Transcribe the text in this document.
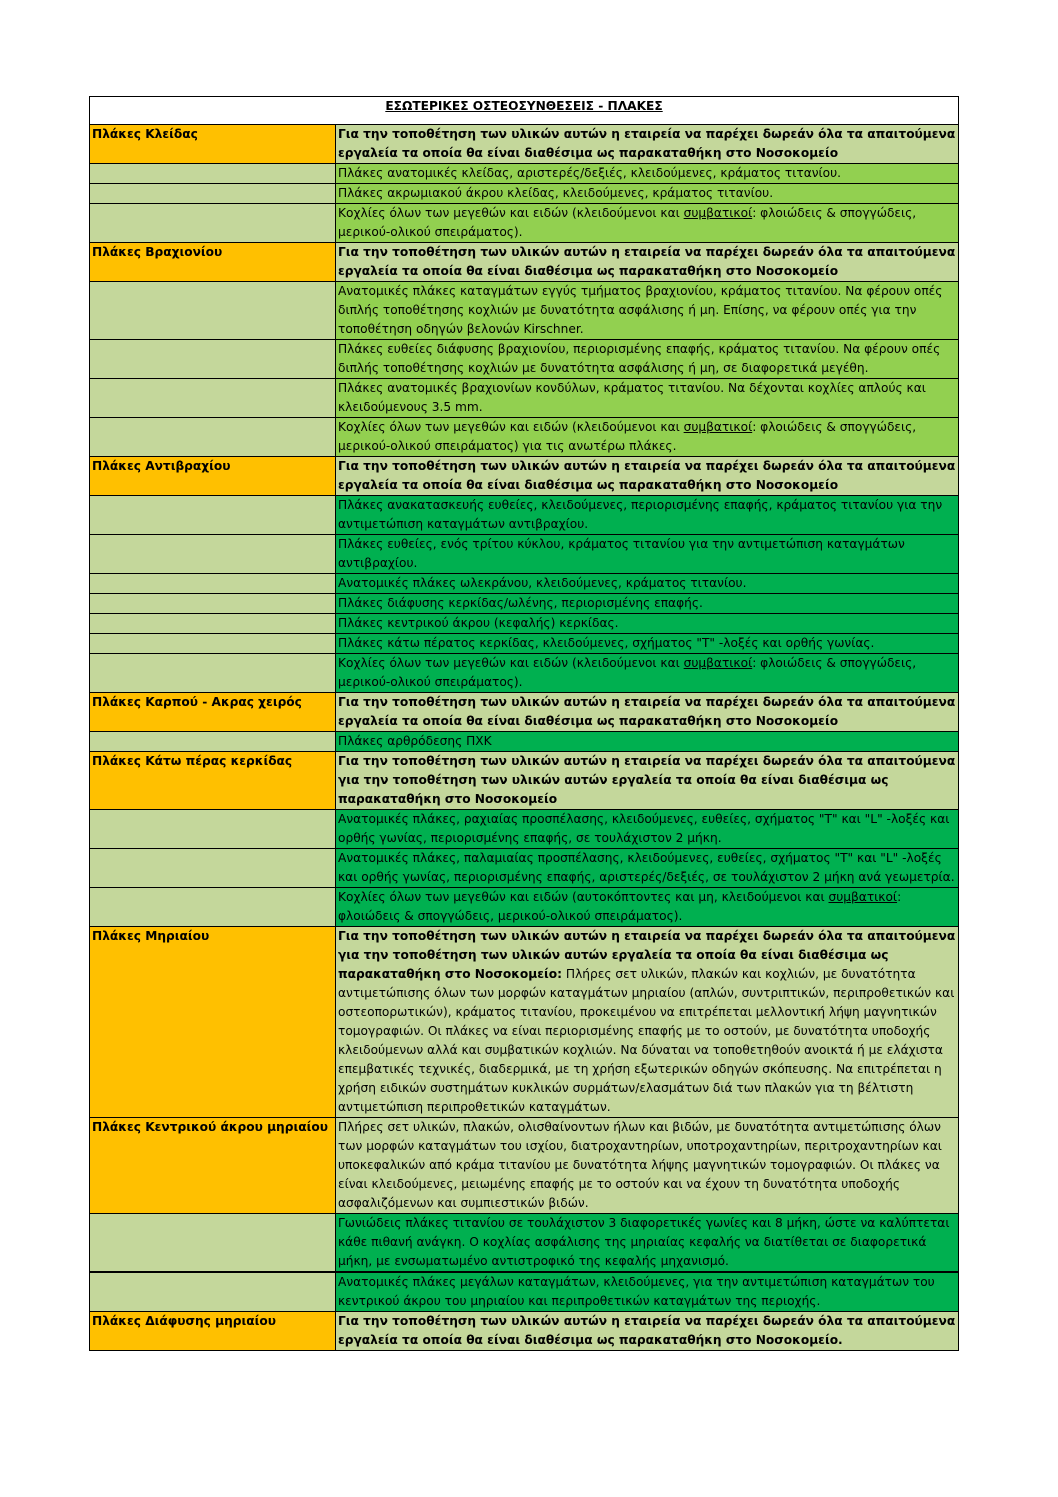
ΕΣΩΤΕΡΙΚΕΣ ΟΣΤΕΟΣΥΝΘΕΣΕΙΣ - ΠΛΑΚΕΣ	
Πλάκες Κλείδας	Για την τοποθέτηση των υλικών αυτών η εταιρεία να παρέχει δωρεάν όλα τα απαιτούμενα εργαλεία τα οποία θα είναι διαθέσιμα ως παρακαταθήκη στο Νοσοκομείο
	Πλάκες ανατομικές κλείδας, αριστερές/δεξιές, κλειδούμενες, κράματος τιτανίου.
	Πλάκες ακρωμιακού άκρου κλείδας, κλειδούμενες, κράματος τιτανίου.
	Κοχλίες όλων των μεγεθών και ειδών (κλειδούμενοι και συμβατικοί: φλοιώδεις & σπογγώδεις, μερικού-ολικού σπειράματος).
Πλάκες Βραχιονίου	Για την τοποθέτηση των υλικών αυτών η εταιρεία να παρέχει δωρεάν όλα τα απαιτούμενα εργαλεία τα οποία θα είναι διαθέσιμα ως παρακαταθήκη στο Νοσοκομείο
	Ανατομικές πλάκες καταγμάτων εγγύς τμήματος βραχιονίου, κράματος τιτανίου. Να φέρουν οπές διπλής τοποθέτησης κοχλιών με δυνατότητα ασφάλισης ή μη. Επίσης, να φέρουν οπές για την τοποθέτηση οδηγών βελονών Kirschner.
	Πλάκες ευθείες διάφυσης βραχιονίου, περιορισμένης επαφής, κράματος τιτανίου. Να φέρουν οπές διπλής τοποθέτησης κοχλιών με δυνατότητα ασφάλισης ή μη, σε διαφορετικά μεγέθη.
	Πλάκες ανατομικές βραχιονίων κονδύλων, κράματος τιτανίου. Να δέχονται κοχλίες απλούς και κλειδούμενους 3.5 mm.
	Κοχλίες όλων των μεγεθών και ειδών (κλειδούμενοι και συμβατικοί: φλοιώδεις & σπογγώδεις, μερικού-ολικού σπειράματος) για τις ανωτέρω πλάκες.
Πλάκες Αντιβραχίου	Για την τοποθέτηση των υλικών αυτών η εταιρεία να παρέχει δωρεάν όλα τα απαιτούμενα εργαλεία τα οποία θα είναι διαθέσιμα ως παρακαταθήκη στο Νοσοκομείο
	Πλάκες ανακατασκευής ευθείες, κλειδούμενες, περιορισμένης επαφής, κράματος τιτανίου για την αντιμετώπιση καταγμάτων αντιβραχίου.
	Πλάκες ευθείες, ενός τρίτου κύκλου, κράματος τιτανίου για την αντιμετώπιση καταγμάτων αντιβραχίου.
	Ανατομικές πλάκες ωλεκράνου, κλειδούμενες, κράματος τιτανίου.
	Πλάκες διάφυσης κερκίδας/ωλένης, περιορισμένης επαφής.
	Πλάκες κεντρικού άκρου (κεφαλής) κερκίδας.
	Πλάκες κάτω πέρατος κερκίδας, κλειδούμενες, σχήματος "T" -λοξές και ορθής γωνίας.
	Κοχλίες όλων των μεγεθών και ειδών (κλειδούμενοι και συμβατικοί: φλοιώδεις & σπογγώδεις, μερικού-ολικού σπειράματος).
Πλάκες Καρπού - Ακρας χειρός	Για την τοποθέτηση των υλικών αυτών η εταιρεία να παρέχει δωρεάν όλα τα απαιτούμενα εργαλεία τα οποία θα είναι διαθέσιμα ως παρακαταθήκη στο Νοσοκομείο
	Πλάκες αρθρόδεσης ΠΧΚ
Πλάκες Κάτω πέρας κερκίδας	Για την τοποθέτηση των υλικών αυτών η εταιρεία να παρέχει δωρεάν όλα τα απαιτούμενα για την τοποθέτηση των υλικών αυτών εργαλεία τα οποία θα είναι διαθέσιμα ως παρακαταθήκη στο Νοσοκομείο
	Ανατομικές πλάκες, ραχιαίας προσπέλασης, κλειδούμενες, ευθείες, σχήματος "T" και "L" -λοξές και ορθής γωνίας, περιορισμένης επαφής, σε τουλάχιστον 2 μήκη.
	Ανατομικές πλάκες, παλαμιαίας προσπέλασης, κλειδούμενες, ευθείες, σχήματος "T" και "L" -λοξές και ορθής γωνίας, περιορισμένης επαφής, αριστερές/δεξιές, σε τουλάχιστον 2 μήκη ανά γεωμετρία.
	Κοχλίες όλων των μεγεθών και ειδών (αυτοκόπτοντες και μη, κλειδούμενοι και συμβατικοί: φλοιώδεις & σπογγώδεις, μερικού-ολικού σπειράματος).
Πλάκες Μηριαίου	Για την τοποθέτηση των υλικών αυτών η εταιρεία να παρέχει δωρεάν όλα τα απαιτούμενα για την τοποθέτηση των υλικών αυτών εργαλεία τα οποία θα είναι διαθέσιμα ως παρακαταθήκη στο Νοσοκομείο: Πλήρες σετ υλικών, πλακών και κοχλιών, με δυνατότητα αντιμετώπισης όλων των μορφών καταγμάτων μηριαίου (απλών, συντριπτικών, περιπροθετικών και οστεοπορωτικών), κράματος τιτανίου, προκειμένου να επιτρέπεται μελλοντική λήψη μαγνητικών τομογραφιών. Οι πλάκες να είναι περιορισμένης επαφής με το οστούν, με δυνατότητα υποδοχής κλειδούμενων αλλά και συμβατικών κοχλιών. Να δύναται να τοποθετηθούν ανοικτά ή με ελάχιστα επεμβατικές τεχνικές, διαδερμικά, με τη χρήση εξωτερικών οδηγών σκόπευσης. Να επιτρέπεται η χρήση ειδικών συστημάτων κυκλικών συρμάτων/ελασμάτων διά των πλακών για τη βέλτιστη αντιμετώπιση περιπροθετικών καταγμάτων.
Πλάκες Κεντρικού άκρου μηριαίου	Πλήρες σετ υλικών, πλακών, ολισθαίνοντων ήλων και βιδών, με δυνατότητα αντιμετώπισης όλων των μορφών καταγμάτων του ισχίου, διατροχαντηρίων, υποτροχαντηρίων, περιτροχαντηρίων και υποκεφαλικών από κράμα τιτανίου με δυνατότητα λήψης μαγνητικών τομογραφιών. Οι πλάκες να είναι κλειδούμενες, μειωμένης επαφής με το οστούν και να έχουν τη δυνατότητα υποδοχής ασφαλιζόμενων και συμπιεστικών βιδών.
	Γωνιώδεις πλάκες τιτανίου σε τουλάχιστον 3 διαφορετικές γωνίες και 8 μήκη, ώστε να καλύπτεται κάθε πιθανή ανάγκη. Ο κοχλίας ασφάλισης της μηριαίας κεφαλής να διατίθεται σε διαφορετικά μήκη, με ενσωματωμένο αντιστροφικό της κεφαλής μηχανισμό.

	Ανατομικές πλάκες μεγάλων καταγμάτων, κλειδούμενες, για την αντιμετώπιση καταγμάτων του κεντρικού άκρου του μηριαίου και περιπροθετικών καταγμάτων της περιοχής.
Πλάκες Διάφυσης μηριαίου	Για την τοποθέτηση των υλικών αυτών η εταιρεία να παρέχει δωρεάν όλα τα απαιτούμενα εργαλεία τα οποία θα είναι διαθέσιμα ως παρακαταθήκη στο Νοσοκομείο.
